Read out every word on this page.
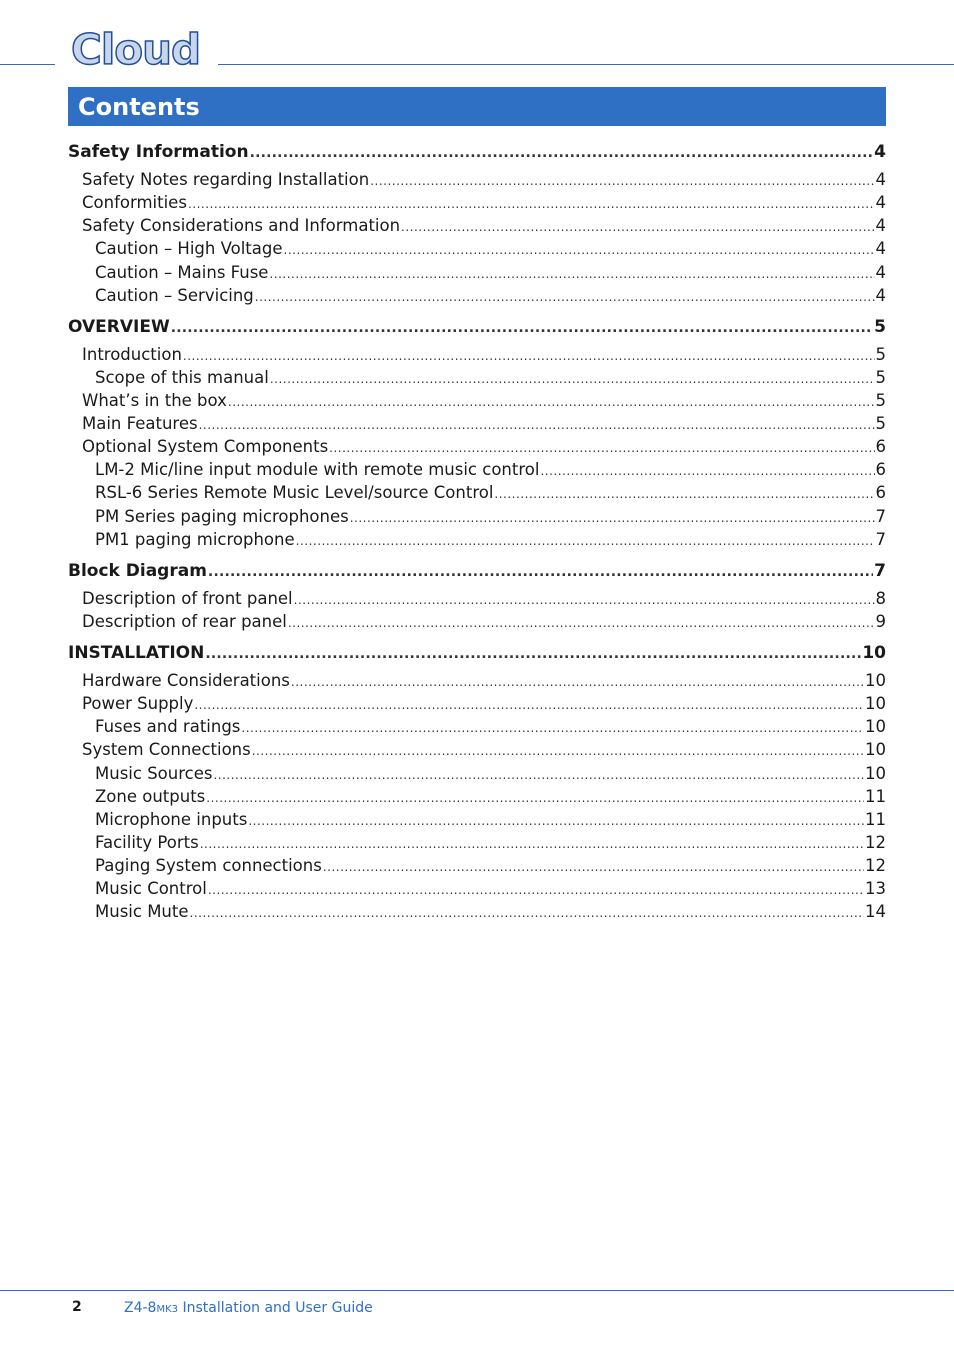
Cloud
Contents
Safety Information .....	4
Safety Notes regarding Installation .....	4
Conformities .....	4
Safety Considerations and Information .....	4
Caution – High Voltage .....	4
Caution – Mains Fuse .....	4
Caution – Servicing .....	4
OVERVIEW .....	5
Introduction .....	5
Scope of this manual .....	5
What’s in the box .....	5
Main Features .....	5
Optional System Components .....	6
LM-2 Mic/line input module with remote music control .....	6
RSL-6 Series Remote Music Level/source Control .....	6
PM Series paging microphones .....	7
PM1 paging microphone .....	7
Block Diagram .....	7
Description of front panel .....	8
Description of rear panel .....	9
INSTALLATION .....	10
Hardware Considerations .....	10
Power Supply .....	10
Fuses and ratings .....	10
System Connections .....	10
Music Sources .....	10
Zone outputs .....	11
Microphone inputs .....	11
Facility Ports .....	12
Paging System connections .....	12
Music Control .....	13
Music Mute .....	14
2	Z4-8MK3 Installation and User Guide
